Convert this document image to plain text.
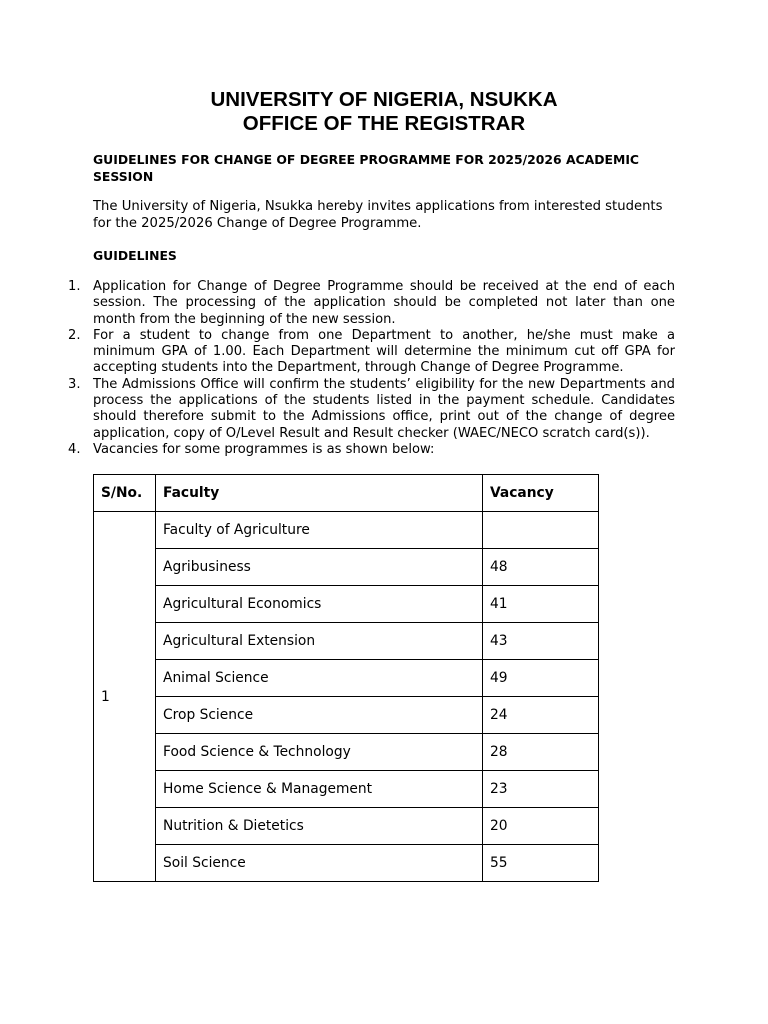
UNIVERSITY OF NIGERIA, NSUKKA
OFFICE OF THE REGISTRAR

GUIDELINES FOR CHANGE OF DEGREE PROGRAMME FOR 2025/2026 ACADEMIC SESSION

The University of Nigeria, Nsukka hereby invites applications from interested students for the 2025/2026 Change of Degree Programme.

GUIDELINES

1. Application for Change of Degree Programme should be received at the end of each session. The processing of the application should be completed not later than one month from the beginning of the new session.
2. For a student to change from one Department to another, he/she must make a minimum GPA of 1.00. Each Department will determine the minimum cut off GPA for accepting students into the Department, through Change of Degree Programme.
3. The Admissions Office will confirm the students’ eligibility for the new Departments and process the applications of the students listed in the payment schedule. Candidates should therefore submit to the Admissions office, print out of the change of degree application, copy of O/Level Result and Result checker (WAEC/NECO scratch card(s)).
4. Vacancies for some programmes is as shown below:
S/No.	Faculty	Vacancy
1	Faculty of Agriculture	
	Agribusiness	48
	Agricultural Economics	41
	Agricultural Extension	43
	Animal Science	49
	Crop Science	24
	Food Science & Technology	28
	Home Science & Management	23
	Nutrition & Dietetics	20
	Soil Science	55
